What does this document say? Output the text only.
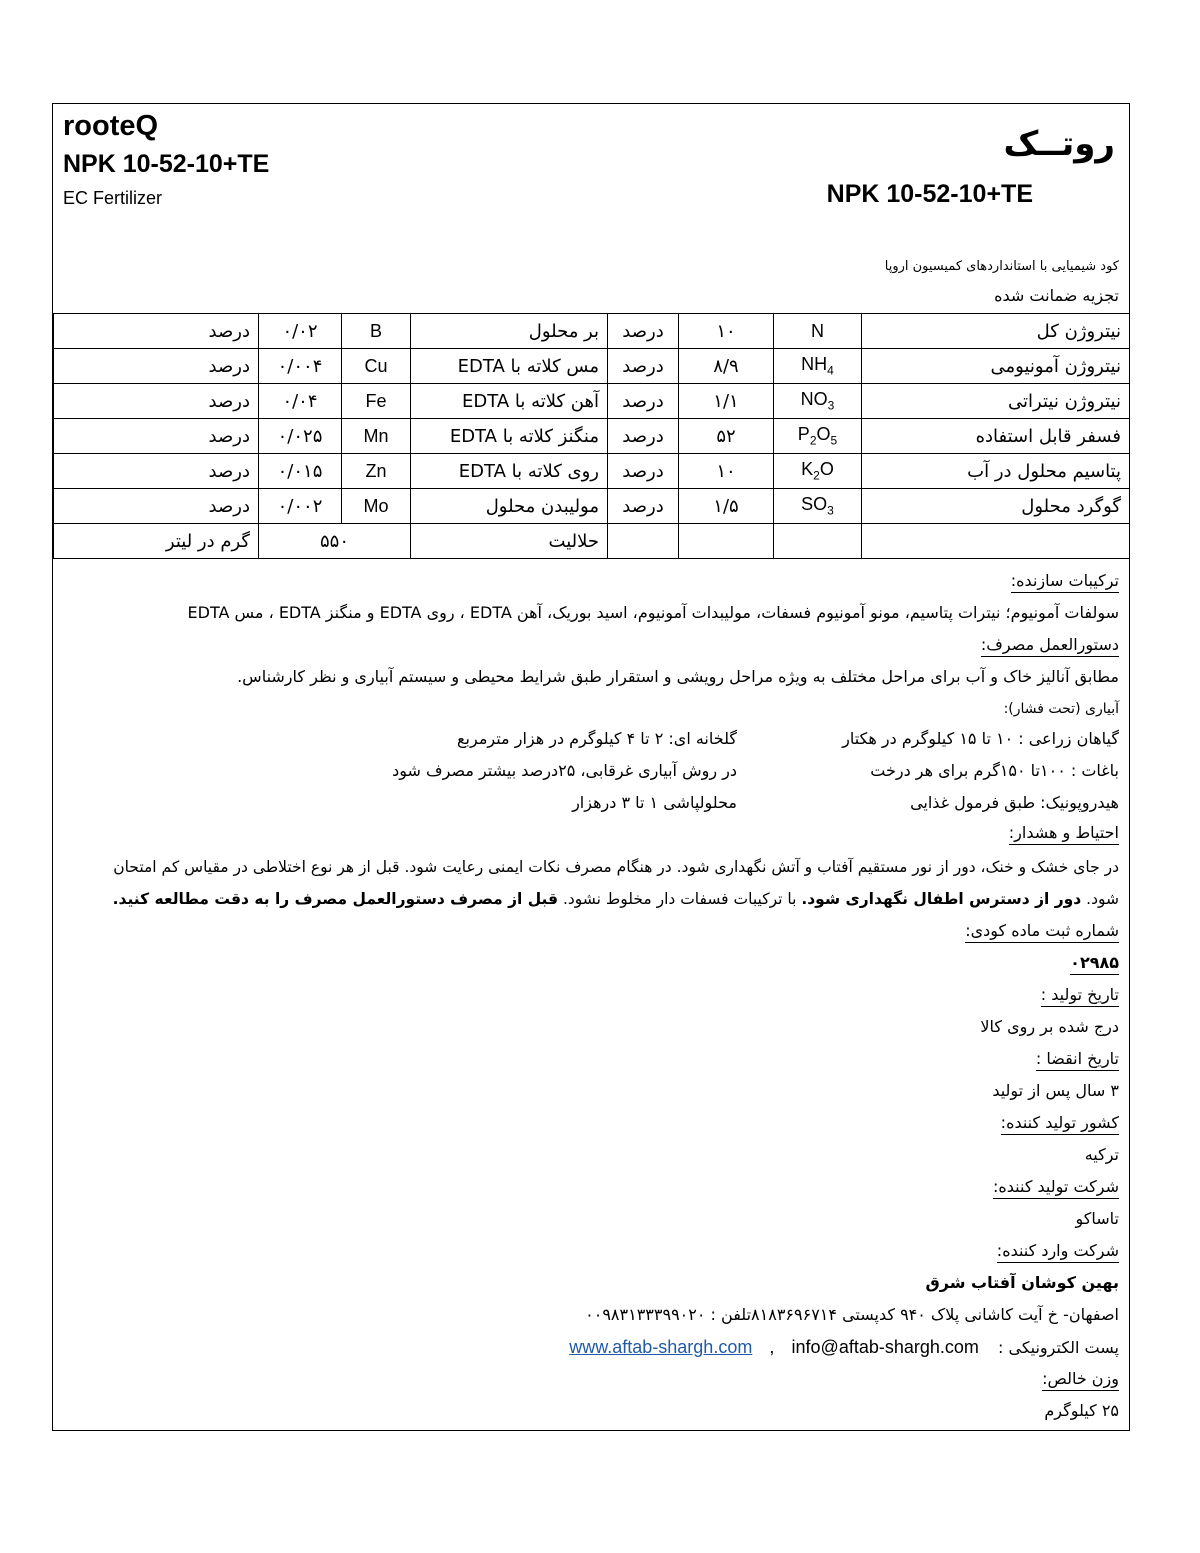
rooteQ
NPK 10-52-10+TE
EC Fertilizer
روتــک
NPK 10-52-10+TE
کود شیمیایی با استانداردهای کمیسیون اروپا
تجزیه ضمانت شده
درصد	۰/۰۲	B	بر محلول	درصد	۱۰	N	نیتروژن کل
درصد	۰/۰۰۴	Cu	مس کلاته با EDTA	درصد	۸/۹	$NH_4$	نیتروژن آمونیومی
درصد	۰/۰۴	Fe	آهن کلاته با EDTA	درصد	۱/۱	$NO_3$	نیتروژن نیتراتی
درصد	۰/۰۲۵	Mn	منگنز کلاته با EDTA	درصد	۵۲	$P_2O_5$	فسفر قابل استفاده
درصد	۰/۰۱۵	Zn	روی کلاته با EDTA	درصد	۱۰	$K_2O$	پتاسیم محلول در آب
درصد	۰/۰۰۲	Mo	مولیبدن محلول	درصد	۱/۵	$SO_3$	گوگرد محلول
گرم در لیتر	۵۵۰		حلالیت				
ترکیبات سازنده:
سولفات آمونیوم؛ نیترات پتاسیم، مونو آمونیوم فسفات، مولیبدات آمونیوم، اسید بوریک، آهن EDTA ، روی EDTA و منگنز EDTA ، مس EDTA
دستورالعمل مصرف:
مطابق آنالیز خاک و آب برای مراحل مختلف به ویژه مراحل رویشی و استقرار طبق شرایط محیطی و سیستم آبیاری و نظر کارشناس.
آبیاری (تحت فشار):
گیاهان زراعی : ۱۰ تا ۱۵ کیلوگرم در هکتار
گلخانه ای: ۲ تا ۴ کیلوگرم در هزار مترمربع
باغات : ۱۰۰تا ۱۵۰گرم برای هر درخت
در روش آبیاری غرقابی، ۲۵درصد بیشتر مصرف شود
هیدروپونیک: طبق فرمول غذایی
محلولپاشی ۱ تا ۳ درهزار
احتیاط و هشدار:
در جای خشک و خنک، دور از نور مستقیم آفتاب و آتش نگهداری شود. در هنگام مصرف نکات ایمنی رعایت شود. قبل از هر نوع اختلاطی در مقیاس کم امتحان
شود. دور از دسترس اطفال نگهداری شود. با ترکیبات فسفات دار مخلوط نشود. قبل از مصرف دستورالعمل مصرف را به دقت مطالعه کنید.
شماره ثبت ماده کودی:
۰۲۹۸۵
تاریخ تولید :
درج شده بر روی کالا
تاریخ انقضا :
۳ سال پس از تولید
کشور تولید کننده:
ترکیه
شرکت تولید کننده:
تاساکو
شرکت وارد کننده:
بهین کوشان آفتاب شرق
اصفهان- خ آیت کاشانی پلاک ۹۴۰ کدپستی ۸۱۸۳۶۹۶۷۱۴تلفن : ۰۰۹۸۳۱۳۳۳۹۹۰۲۰
پست الکترونیکی : info@aftab-shargh.com , www.aftab-shargh.com
وزن خالص:
۲۵ کیلوگرم
